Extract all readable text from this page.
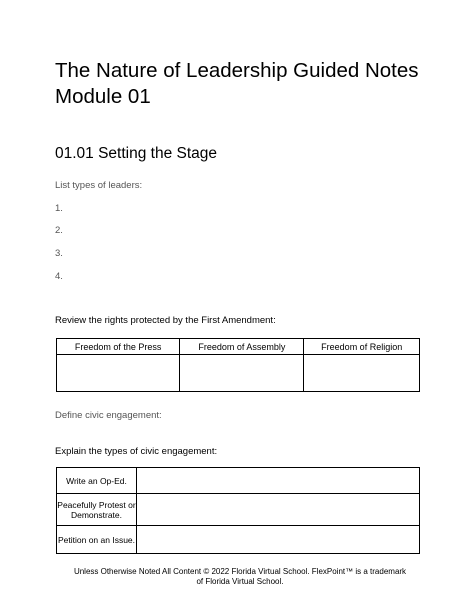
The Nature of Leadership Guided Notes Module 01
01.01 Setting the Stage
List types of leaders:
1.
2.
3.
4.
Review the rights protected by the First Amendment:
Freedom of the Press	Freedom of Assembly	Freedom of Religion

Define civic engagement:
Explain the types of civic engagement:
Write an Op-Ed.	
Peacefully Protest or Demonstrate.	
Petition on an Issue.	
Unless Otherwise Noted All Content © 2022 Florida Virtual School. FlexPoint™ is a trademark of Florida Virtual School.
